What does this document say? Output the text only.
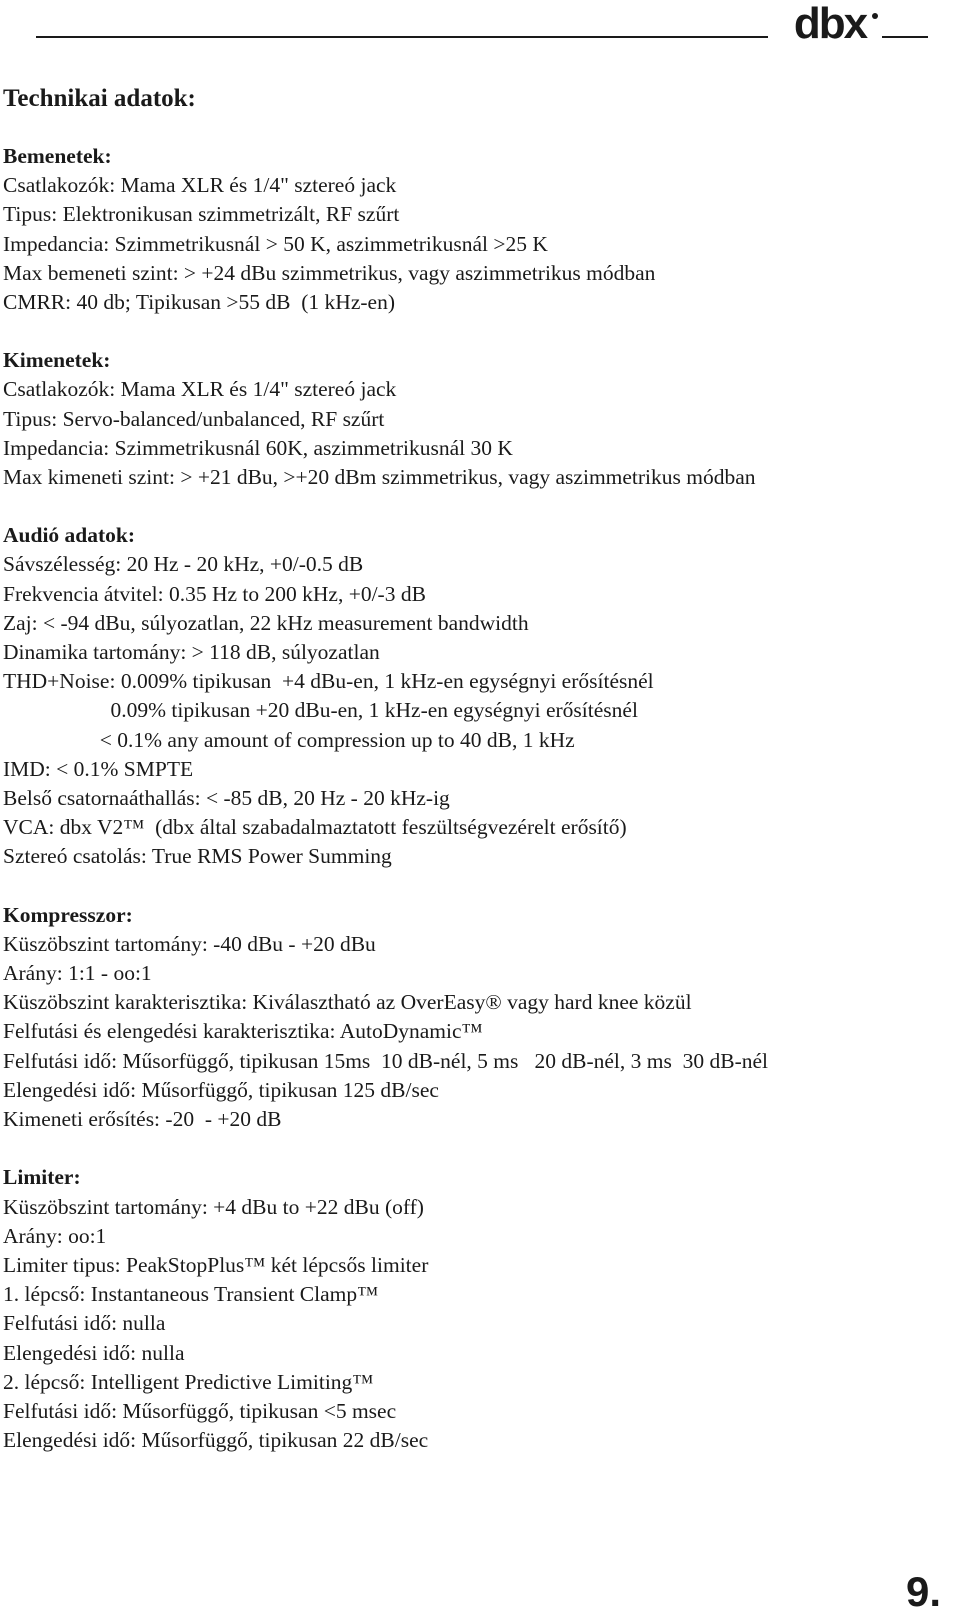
dbx
Technikai adatok:
Bemenetek:
Csatlakozók: Mama XLR és 1/4" sztereó jack
Tipus: Elektronikusan szimmetrizált, RF szűrt
Impedancia: Szimmetrikusnál > 50 K, aszimmetrikusnál >25 K
Max bemeneti szint: > +24 dBu szimmetrikus, vagy aszimmetrikus módban
CMRR: 40 db; Tipikusan >55 dB  (1 kHz-en)
Kimenetek:
Csatlakozók: Mama XLR és 1/4" sztereó jack
Tipus: Servo-balanced/unbalanced, RF szűrt
Impedancia: Szimmetrikusnál 60K, aszimmetrikusnál 30 K
Max kimeneti szint: > +21 dBu, >+20 dBm szimmetrikus, vagy aszimmetrikus módban
Audió adatok:
Sávszélesség: 20 Hz - 20 kHz, +0/-0.5 dB
Frekvencia átvitel: 0.35 Hz to 200 kHz, +0/-3 dB
Zaj: < -94 dBu, súlyozatlan, 22 kHz measurement bandwidth
Dinamika tartomány: > 118 dB, súlyozatlan
THD+Noise: 0.009% tipikusan  +4 dBu-en, 1 kHz-en egységnyi erősítésnél
0.09% tipikusan +20 dBu-en, 1 kHz-en egységnyi erősítésnél
< 0.1% any amount of compression up to 40 dB, 1 kHz
IMD: < 0.1% SMPTE
Belső csatornaáthallás: < -85 dB, 20 Hz - 20 kHz-ig
VCA: dbx V2™  (dbx által szabadalmaztatott feszültségvezérelt erősítő)
Sztereó csatolás: True RMS Power Summing
Kompresszor:
Küszöbszint tartomány: -40 dBu - +20 dBu
Arány: 1:1 - oo:1
Küszöbszint karakterisztika: Kiválasztható az OverEasy® vagy hard knee közül
Felfutási és elengedési karakterisztika: AutoDynamic™
Felfutási idő: Műsorfüggő, tipikusan 15ms  10 dB-nél, 5 ms   20 dB-nél, 3 ms  30 dB-nél
Elengedési idő: Műsorfüggő, tipikusan 125 dB/sec
Kimeneti erősítés: -20  - +20 dB
Limiter:
Küszöbszint tartomány: +4 dBu to +22 dBu (off)
Arány: oo:1
Limiter tipus: PeakStopPlus™ két lépcsős limiter
1. lépcső: Instantaneous Transient Clamp™
Felfutási idő: nulla
Elengedési idő: nulla
2. lépcső: Intelligent Predictive Limiting™
Felfutási idő: Műsorfüggő, tipikusan <5 msec
Elengedési idő: Műsorfüggő, tipikusan 22 dB/sec
9.
